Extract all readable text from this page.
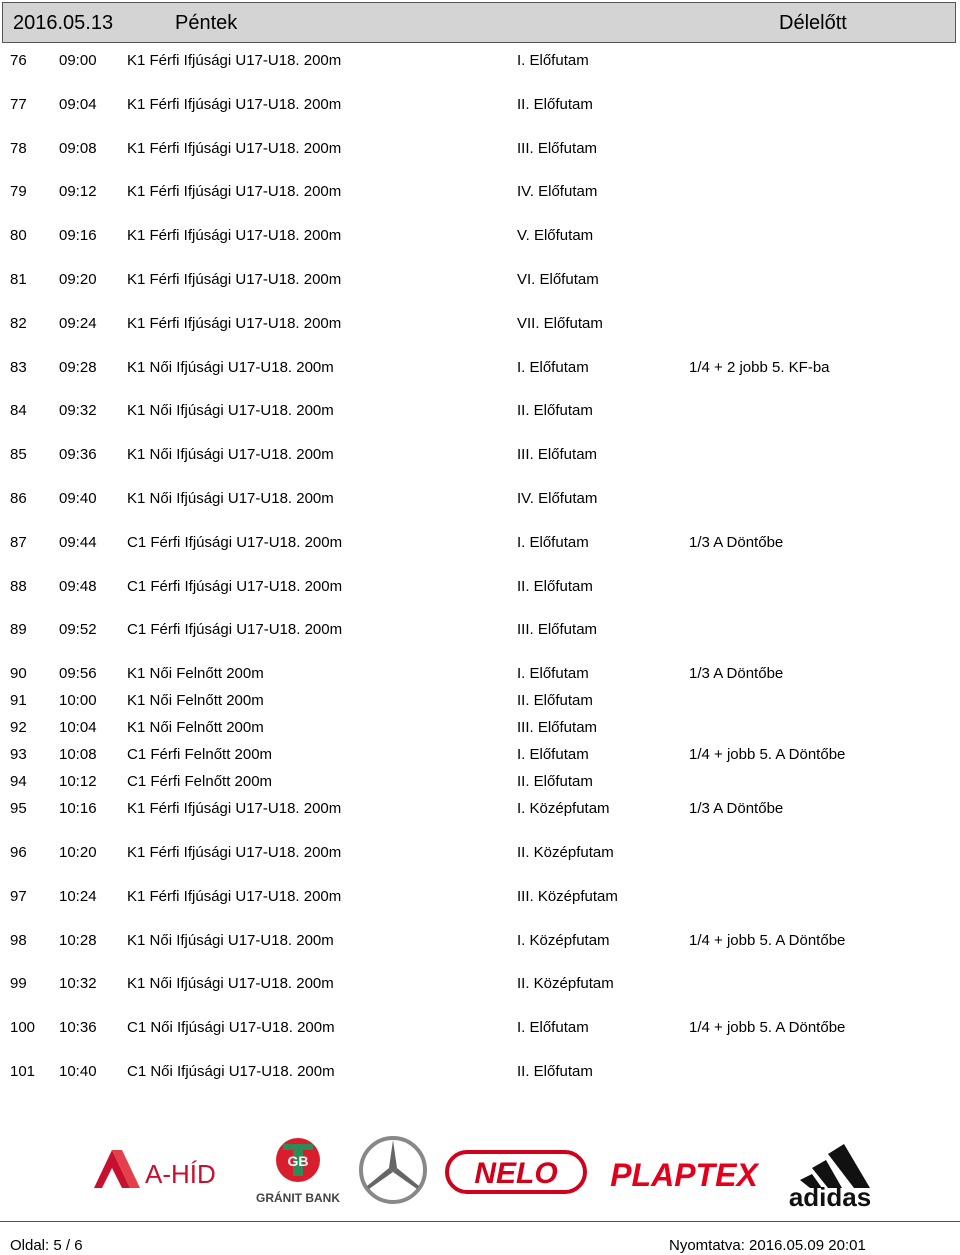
2016.05.13	Péntek	Délelőtt
76 09:00 K1 Férfi Ifjúsági U17-U18. 200m	I. Előfutam
77 09:04 K1 Férfi Ifjúsági U17-U18. 200m	II. Előfutam
78 09:08 K1 Férfi Ifjúsági U17-U18. 200m	III. Előfutam
79 09:12 K1 Férfi Ifjúsági U17-U18. 200m	IV. Előfutam
80 09:16 K1 Férfi Ifjúsági U17-U18. 200m	V. Előfutam
81 09:20 K1 Férfi Ifjúsági U17-U18. 200m	VI. Előfutam
82 09:24 K1 Férfi Ifjúsági U17-U18. 200m	VII. Előfutam
83 09:28 K1 Női Ifjúsági U17-U18. 200m	I. Előfutam	1/4 + 2 jobb 5. KF-ba
84 09:32 K1 Női Ifjúsági U17-U18. 200m	II. Előfutam
85 09:36 K1 Női Ifjúsági U17-U18. 200m	III. Előfutam
86 09:40 K1 Női Ifjúsági U17-U18. 200m	IV. Előfutam
87 09:44 C1 Férfi Ifjúsági U17-U18. 200m	I. Előfutam	1/3 A Döntőbe
88 09:48 C1 Férfi Ifjúsági U17-U18. 200m	II. Előfutam
89 09:52 C1 Férfi Ifjúsági U17-U18. 200m	III. Előfutam
90 09:56 K1 Női Felnőtt 200m	I. Előfutam	1/3 A Döntőbe
91 10:00 K1 Női Felnőtt 200m	II. Előfutam
92 10:04 K1 Női Felnőtt 200m	III. Előfutam
93 10:08 C1 Férfi Felnőtt 200m	I. Előfutam	1/4 + jobb 5. A Döntőbe
94 10:12 C1 Férfi Felnőtt 200m	II. Előfutam
95 10:16 K1 Férfi Ifjúsági U17-U18. 200m	I. Középfutam	1/3 A Döntőbe
96 10:20 K1 Férfi Ifjúsági U17-U18. 200m	II. Középfutam
97 10:24 K1 Férfi Ifjúsági U17-U18. 200m	III. Középfutam
98 10:28 K1 Női Ifjúsági U17-U18. 200m	I. Középfutam	1/4 + jobb 5. A Döntőbe
99 10:32 K1 Női Ifjúsági U17-U18. 200m	II. Középfutam
100 10:36 C1 Női Ifjúsági U17-U18. 200m	I. Előfutam	1/4 + jobb 5. A Döntőbe
101 10:40 C1 Női Ifjúsági U17-U18. 200m	II. Előfutam
A-HÍD	GB
GRÁNIT BANK
NELO PLAPTEX
adidas
Oldal: 5 / 6	Nyomtatva: 2016.05.09 20:01
